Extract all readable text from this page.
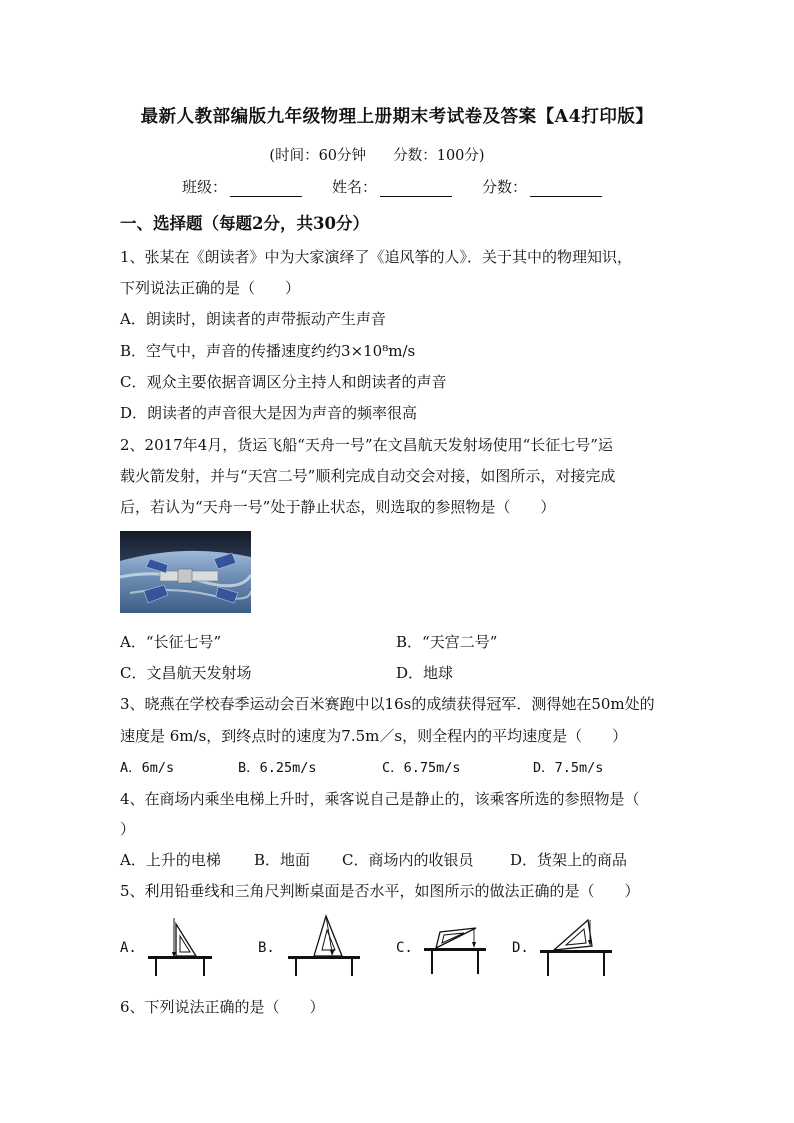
最新人教部编版九年级物理上册期末考试卷及答案【A4打印版】
(时间：60分钟 分数：100分)
班级：	姓名：	分数：
一、选择题（每题2分，共30分）
1、张某在《朗读者》中为大家演绎了《追风筝的人》．关于其中的物理知识，
下列说法正确的是（　　）
A．朗读时，朗读者的声带振动产生声音
B．空气中，声音的传播速度约约3×10⁸m/s
C．观众主要依据音调区分主持人和朗读者的声音
D．朗读者的声音很大是因为声音的频率很高
2、2017年4月，货运飞船“天舟一号”在文昌航天发射场使用“长征七号”运
载火箭发射，并与“天宫二号”顺利完成自动交会对接，如图所示，对接完成
后，若认为“天舟一号”处于静止状态，则选取的参照物是（　　）
A．“长征七号”	B．“天宫二号”
C．文昌航天发射场	D．地球
3、晓燕在学校春季运动会百米赛跑中以16s的成绩获得冠军．测得她在50m处的
速度是 6m/s，到终点时的速度为7.5m／s，则全程内的平均速度是（　　）
A．6m/s	B．6.25m/s	C．6.75m/s	D．7.5m/s
4、在商场内乘坐电梯上升时，乘客说自己是静止的，该乘客所选的参照物是（
）
A．上升的电梯 B．地面 C．商场内的收银员 D．货架上的商品
5、利用铅垂线和三角尺判断桌面是否水平，如图所示的做法正确的是（　　）
A.	B.	C.	D.
6、下列说法正确的是（　　）
